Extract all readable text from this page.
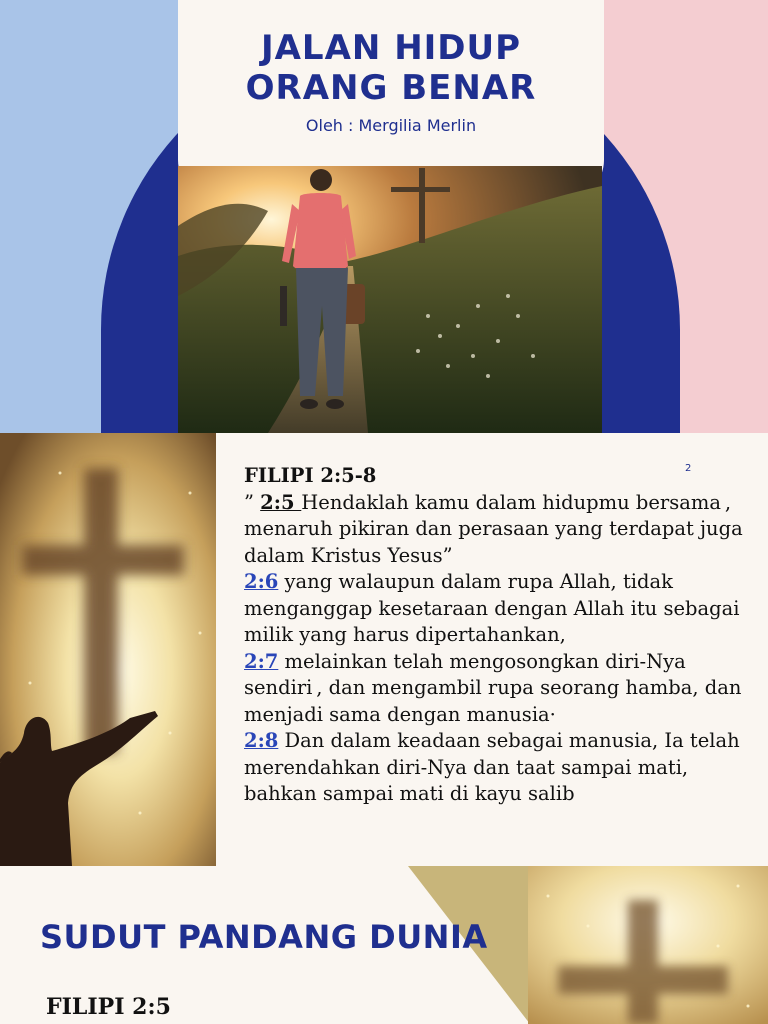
JALAN HIDUP
ORANG BENAR

Oleh : Mergilia Merlin

2

FILIPI 2:5-8

” 2:5 Hendaklah kamu dalam hidupmu bersama , menaruh pikiran dan perasaan yang terdapat juga dalam Kristus Yesus”

2:6 yang walaupun dalam rupa Allah, tidak menganggap kesetaraan dengan Allah itu sebagai milik yang harus dipertahankan,

2:7 melainkan telah mengosongkan diri-Nya sendiri , dan mengambil rupa seorang hamba, dan menjadi sama dengan manusia·

2:8 Dan dalam keadaan sebagai manusia, Ia telah merendahkan diri-Nya dan taat sampai mati, bahkan sampai mati di kayu salib

SUDUT PANDANG DUNIA

FILIPI 2:5
